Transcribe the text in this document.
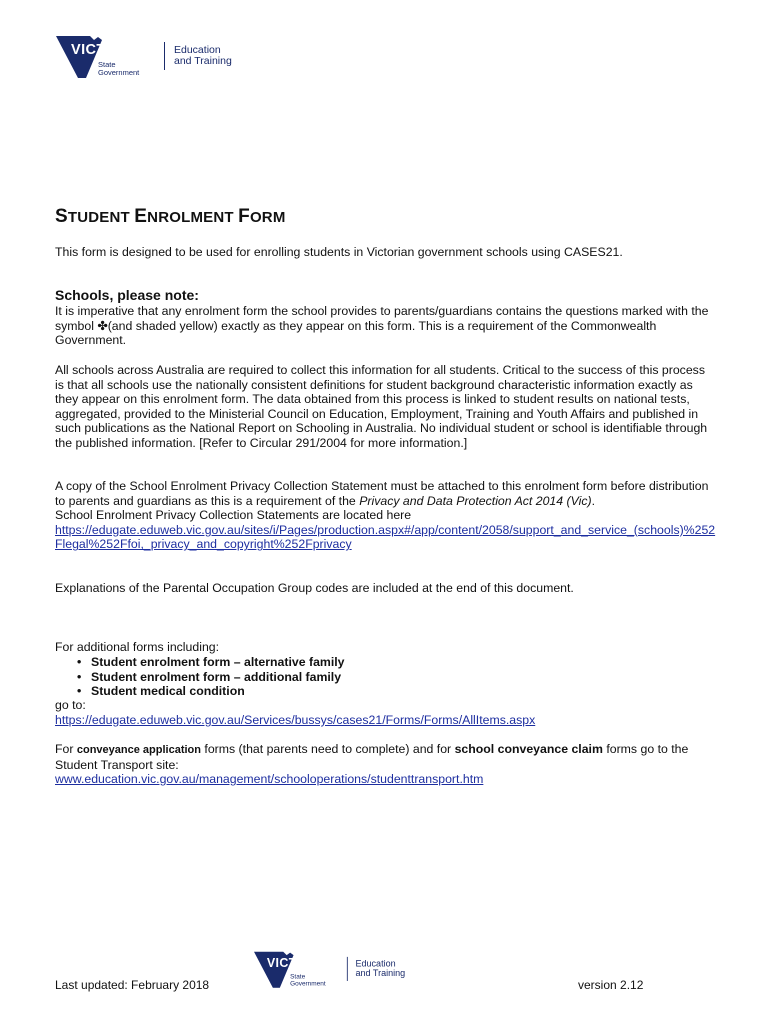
VICTORIA
State
Government
Education
and Training
STUDENT ENROLMENT FORM

This form is designed to be used for enrolling students in Victorian government schools using CASES21.

Schools, please note:

It is imperative that any enrolment form the school provides to parents/guardians contains the questions marked with the symbol ✤(and shaded yellow) exactly as they appear on this form. This is a requirement of the Commonwealth Government.

All schools across Australia are required to collect this information for all students. Critical to the success of this process is that all schools use the nationally consistent definitions for student background characteristic information exactly as they appear on this enrolment form. The data obtained from this process is linked to student results on national tests, aggregated, provided to the Ministerial Council on Education, Employment, Training and Youth Affairs and published in such publications as the National Report on Schooling in Australia. No individual student or school is identifiable through the published information. [Refer to Circular 291/2004 for more information.]

A copy of the School Enrolment Privacy Collection Statement must be attached to this enrolment form before distribution to parents and guardians as this is a requirement of the Privacy and Data Protection Act 2014 (Vic).
School Enrolment Privacy Collection Statements are located here
https://edugate.eduweb.vic.gov.au/sites/i/Pages/production.aspx#/app/content/2058/support_and_service_(schools)%252Flegal%252Ffoi,_privacy_and_copyright%252Fprivacy

Explanations of the Parental Occupation Group codes are included at the end of this document.

For additional forms including:

• Student enrolment form – alternative family
• Student enrolment form – additional family
• Student medical condition

go to:

https://edugate.eduweb.vic.gov.au/Services/bussys/cases21/Forms/Forms/AllItems.aspx

For conveyance application forms (that parents need to complete) and for school conveyance claim forms go to the Student Transport site:

www.education.vic.gov.au/management/schooloperations/studenttransport.htm

Last updated: February 2018

VICTORIA
State
Government
Education
and Training

version 2.12
